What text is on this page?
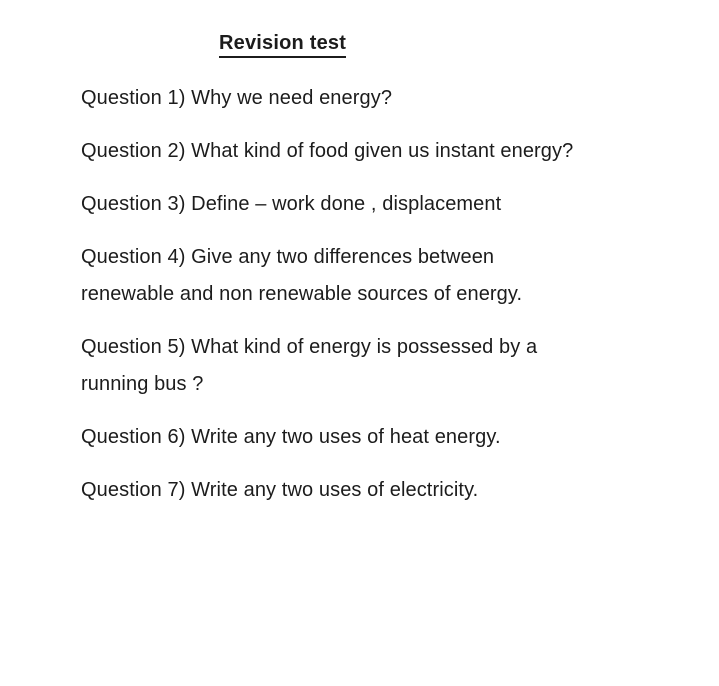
Revision test

Question 1) Why we need energy?

Question 2) What kind of food given us instant energy?

Question 3) Define – work done , displacement

Question 4) Give any two differences between
renewable and non renewable sources of energy.

Question 5) What kind of energy is possessed by a
running bus ?

Question 6) Write any two uses of heat energy.

Question 7) Write any two uses of electricity.
